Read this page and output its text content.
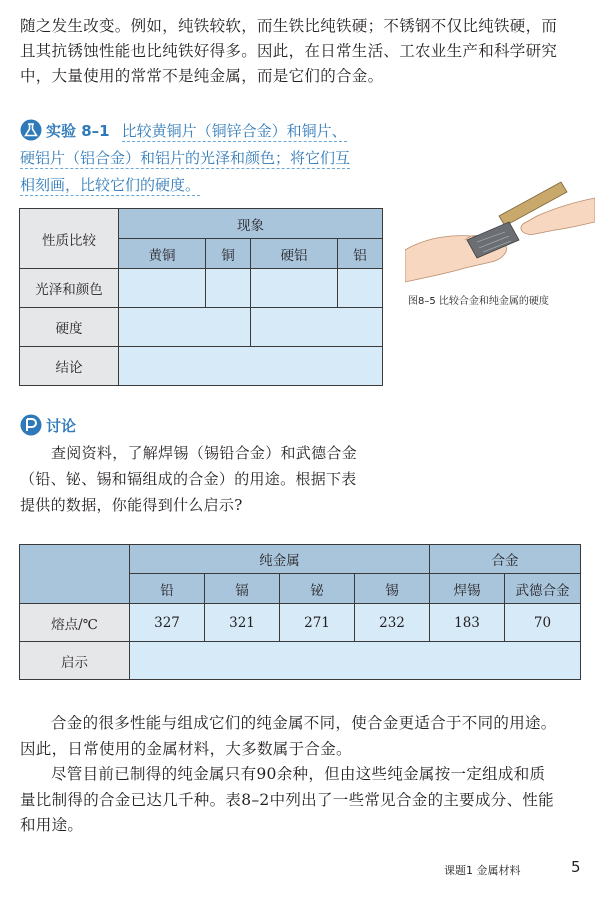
随之发生改变。例如，纯铁较软，而生铁比纯铁硬；不锈钢不仅比纯铁硬，而

且其抗锈蚀性能也比纯铁好得多。因此，在日常生活、工农业生产和科学研究

中，大量使用的常常不是纯金属，而是它们的合金。

实验 8–1 比较黄铜片（铜锌合金）和铜片、
硬铝片（铝合金）和铝片的光泽和颜色；将它们互
相刻画，比较它们的硬度。
性质比较	现象			
	黄铜	铜	硬铝	铝
光泽和颜色				
硬度				
结论				
图8–5 比较合金和纯金属的硬度
讨论

查阅资料，了解焊锡（锡铅合金）和武德合金

（铅、铋、锡和镉组成的合金）的用途。根据下表

提供的数据，你能得到什么启示?

	纯金属				合金	
	铅	镉	铋	锡	焊锡	武德合金
熔点/℃	327	321	271	232	183	70
启示						

合金的很多性能与组成它们的纯金属不同，使合金更适合于不同的用途。

因此，日常使用的金属材料，大多数属于合金。

尽管目前已制得的纯金属只有90余种，但由这些纯金属按一定组成和质

量比制得的合金已达几千种。表8–2中列出了一些常见合金的主要成分、性能

和用途。

课题1 金属材料	5
